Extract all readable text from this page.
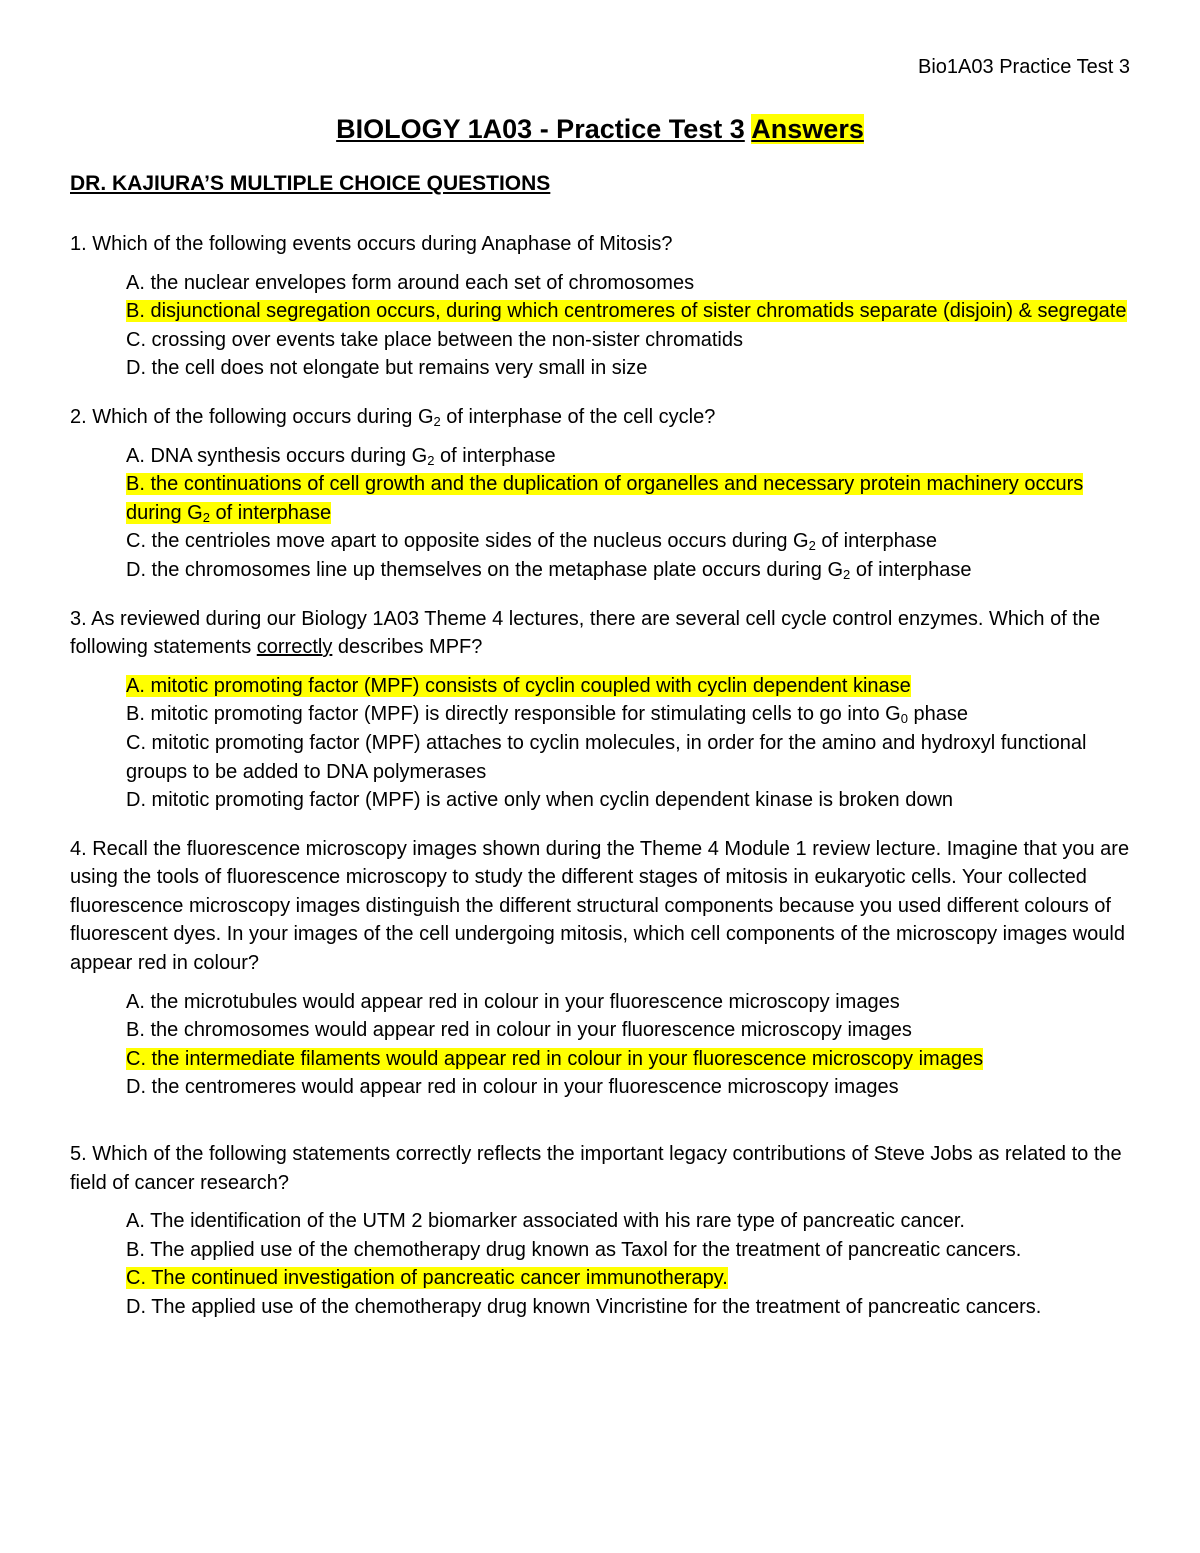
Bio1A03 Practice Test 3
BIOLOGY 1A03 - Practice Test 3 Answers
DR. KAJIURA’S MULTIPLE CHOICE QUESTIONS
1. Which of the following events occurs during Anaphase of Mitosis?
A. the nuclear envelopes form around each set of chromosomes
B. disjunctional segregation occurs, during which centromeres of sister chromatids separate (disjoin) & segregate
C. crossing over events take place between the non-sister chromatids
D. the cell does not elongate but remains very small in size
2. Which of the following occurs during $G_2$ of interphase of the cell cycle?
A. DNA synthesis occurs during $G_2$ of interphase
B. the continuations of cell growth and the duplication of organelles and necessary protein machinery occurs during $G_2$ of interphase
C. the centrioles move apart to opposite sides of the nucleus occurs during $G_2$ of interphase
D. the chromosomes line up themselves on the metaphase plate occurs during $G_2$ of interphase
3. As reviewed during our Biology 1A03 Theme 4 lectures, there are several cell cycle control enzymes. Which of the following statements correctly describes MPF?
A. mitotic promoting factor (MPF) consists of cyclin coupled with cyclin dependent kinase
B. mitotic promoting factor (MPF) is directly responsible for stimulating cells to go into $G_0$ phase
C. mitotic promoting factor (MPF) attaches to cyclin molecules, in order for the amino and hydroxyl functional groups to be added to DNA polymerases
D. mitotic promoting factor (MPF) is active only when cyclin dependent kinase is broken down
4. Recall the fluorescence microscopy images shown during the Theme 4 Module 1 review lecture. Imagine that you are using the tools of fluorescence microscopy to study the different stages of mitosis in eukaryotic cells. Your collected fluorescence microscopy images distinguish the different structural components because you used different colours of fluorescent dyes. In your images of the cell undergoing mitosis, which cell components of the microscopy images would appear red in colour?
A. the microtubules would appear red in colour in your fluorescence microscopy images
B. the chromosomes would appear red in colour in your fluorescence microscopy images
C. the intermediate filaments would appear red in colour in your fluorescence microscopy images
D. the centromeres would appear red in colour in your fluorescence microscopy images
5. Which of the following statements correctly reflects the important legacy contributions of Steve Jobs as related to the field of cancer research?
A. The identification of the UTM 2 biomarker associated with his rare type of pancreatic cancer.
B. The applied use of the chemotherapy drug known as Taxol for the treatment of pancreatic cancers.
C. The continued investigation of pancreatic cancer immunotherapy.
D. The applied use of the chemotherapy drug known Vincristine for the treatment of pancreatic cancers.
